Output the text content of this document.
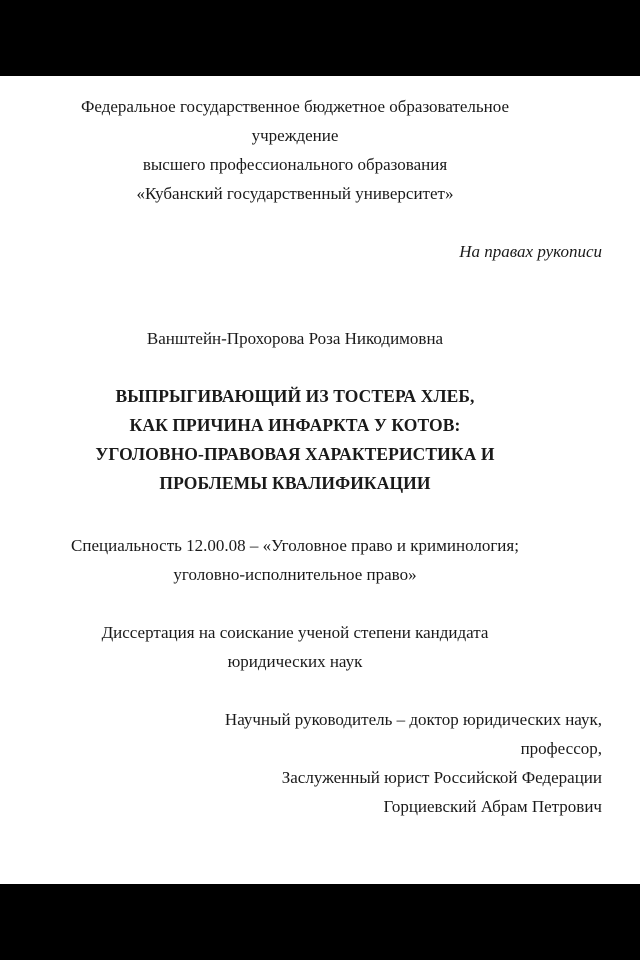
Федеральное государственное бюджетное образовательное
учреждение
высшего профессионального образования
«Кубанский государственный университет»
На правах рукописи
Ванштейн-Прохорова Роза Никодимовна
ВЫПРЫГИВАЮЩИЙ ИЗ ТОСТЕРА ХЛЕБ,
КАК ПРИЧИНА ИНФАРКТА У КОТОВ:
УГОЛОВНО-ПРАВОВАЯ ХАРАКТЕРИСТИКА И
ПРОБЛЕМЫ КВАЛИФИКАЦИИ
Специальность 12.00.08 – «Уголовное право и криминология;
уголовно-исполнительное право»
Диссертация на соискание ученой степени кандидата
юридических наук
Научный руководитель – доктор юридических наук,
профессор,
Заслуженный юрист Российской Федерации
Горциевский Абрам Петрович
